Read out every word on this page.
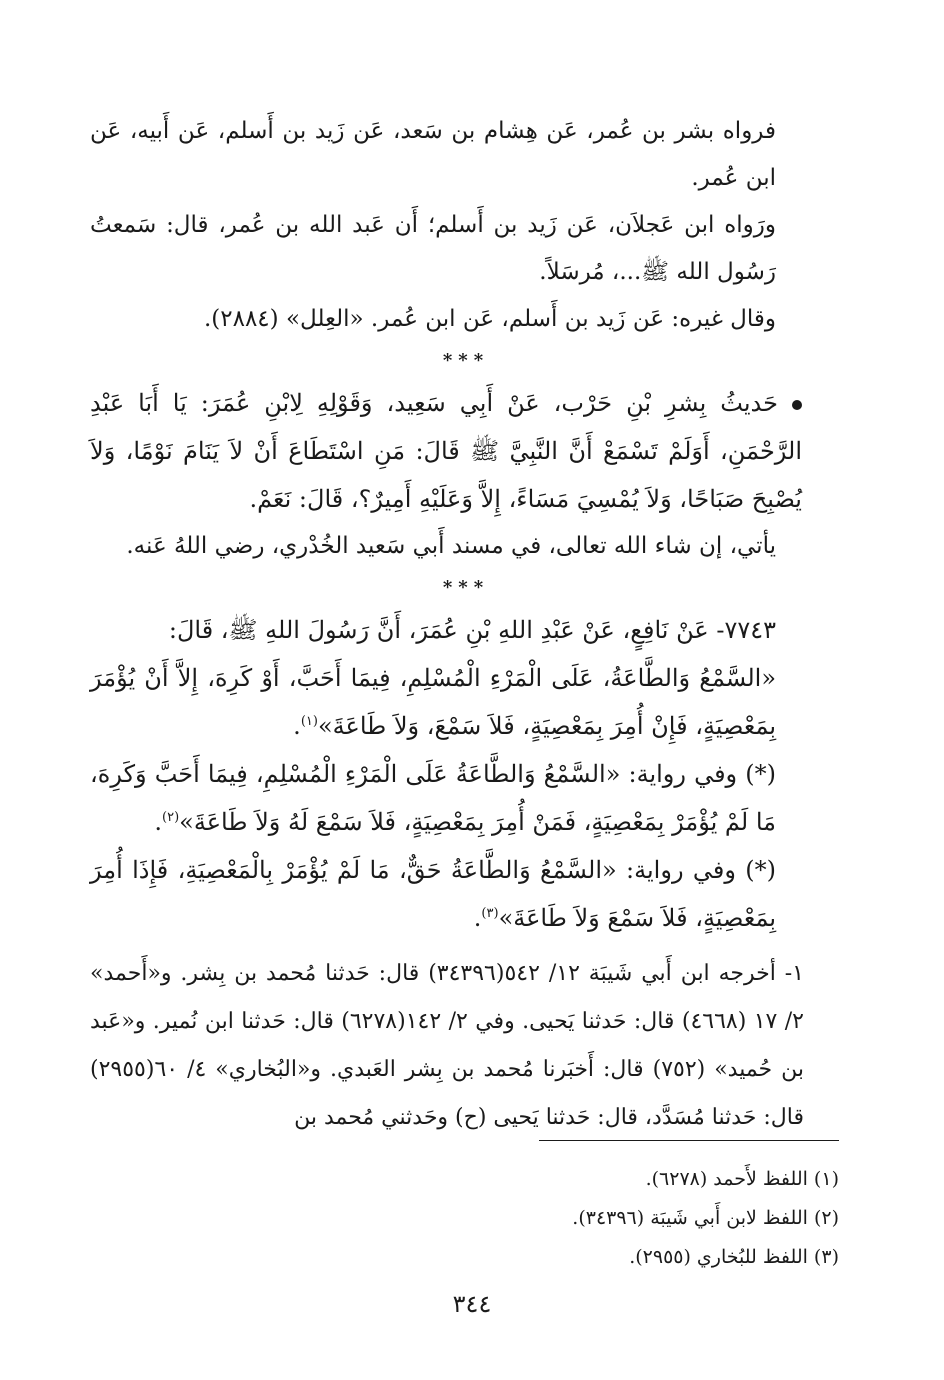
فرواه بشر بن عُمر، عَن هِشام بن سَعد، عَن زَيد بن أَسلم، عَن أَبيه، عَن ابن عُمر.

ورَواه ابن عَجلاَن، عَن زَيد بن أَسلم؛ أَن عَبد الله بن عُمر، قال: سَمعتُ رَسُول الله ﷺ...، مُرسَلاً.

وقال غيره: عَن زَيد بن أَسلم، عَن ابن عُمر. «العِلل» (٢٨٨٤).

***

حَديثُ بِشرِ بْنِ حَرْب، عَنْ أَبِي سَعِيد، وَقَوْلِهِ لِابْنِ عُمَرَ: يَا أَبَا عَبْدِ الرَّحْمَنِ، أَوَلَمْ تَسْمَعْ أَنَّ النَّبِيَّ ﷺ قَالَ: مَنِ اسْتَطَاعَ أَنْ لاَ يَنَامَ نَوْمًا، وَلاَ يُصْبِحَ صَبَاحًا، وَلاَ يُمْسِيَ مَسَاءً، إِلاَّ وَعَلَيْهِ أَمِيرٌ؟، قَالَ: نَعَمْ.

يأتي، إن شاء الله تعالى، في مسند أَبي سَعيد الخُدْري، رضي اللهُ عَنه.

***

٧٧٤٣- عَنْ نَافِعٍ، عَنْ عَبْدِ اللهِ بْنِ عُمَرَ، أَنَّ رَسُولَ اللهِ ﷺ، قَالَ:

«السَّمْعُ وَالطَّاعَةُ، عَلَى الْمَرْءِ الْمُسْلِمِ، فِيمَا أَحَبَّ، أَوْ كَرِهَ، إِلاَّ أَنْ يُؤْمَرَ بِمَعْصِيَةٍ، فَإِنْ أُمِرَ بِمَعْصِيَةٍ، فَلاَ سَمْعَ، وَلاَ طَاعَةَ»$^{(١)}$.

(*) وفي رواية: «السَّمْعُ وَالطَّاعَةُ عَلَى الْمَرْءِ الْمُسْلِمِ، فِيمَا أَحَبَّ وَكَرِهَ، مَا لَمْ يُؤْمَرْ بِمَعْصِيَةٍ، فَمَنْ أُمِرَ بِمَعْصِيَةٍ، فَلاَ سَمْعَ لَهُ وَلاَ طَاعَةَ»$^{(٢)}$.

(*) وفي رواية: «السَّمْعُ وَالطَّاعَةُ حَقٌّ، مَا لَمْ يُؤْمَرْ بِالْمَعْصِيَةِ، فَإِذَا أُمِرَ بِمَعْصِيَةٍ، فَلاَ سَمْعَ وَلاَ طَاعَةَ»$^{(٣)}$.

١- أخرجه ابن أَبي شَيبَة ١٢/ ٥٤٢(٣٤٣٩٦) قال: حَدثنا مُحمد بن بِشر. و«أَحمد» ٢/ ١٧ (٤٦٦٨) قال: حَدثنا يَحيى. وفي ٢/ ١٤٢(٦٢٧٨) قال: حَدثنا ابن نُمير. و«عَبد بن حُميد» (٧٥٢) قال: أَخبَرنا مُحمد بن بِشر العَبدي. و«البُخاري» ٤/ ٦٠(٢٩٥٥) قال: حَدثنا مُسَدَّد، قال: حَدثنا يَحيى (ح) وحَدثني مُحمد بن

(١) اللفظ لأَحمد (٦٢٧٨).
(٢) اللفظ لابن أَبي شَيبَة (٣٤٣٩٦).
(٣) اللفظ للبُخاري (٢٩٥٥).
٣٤٤
